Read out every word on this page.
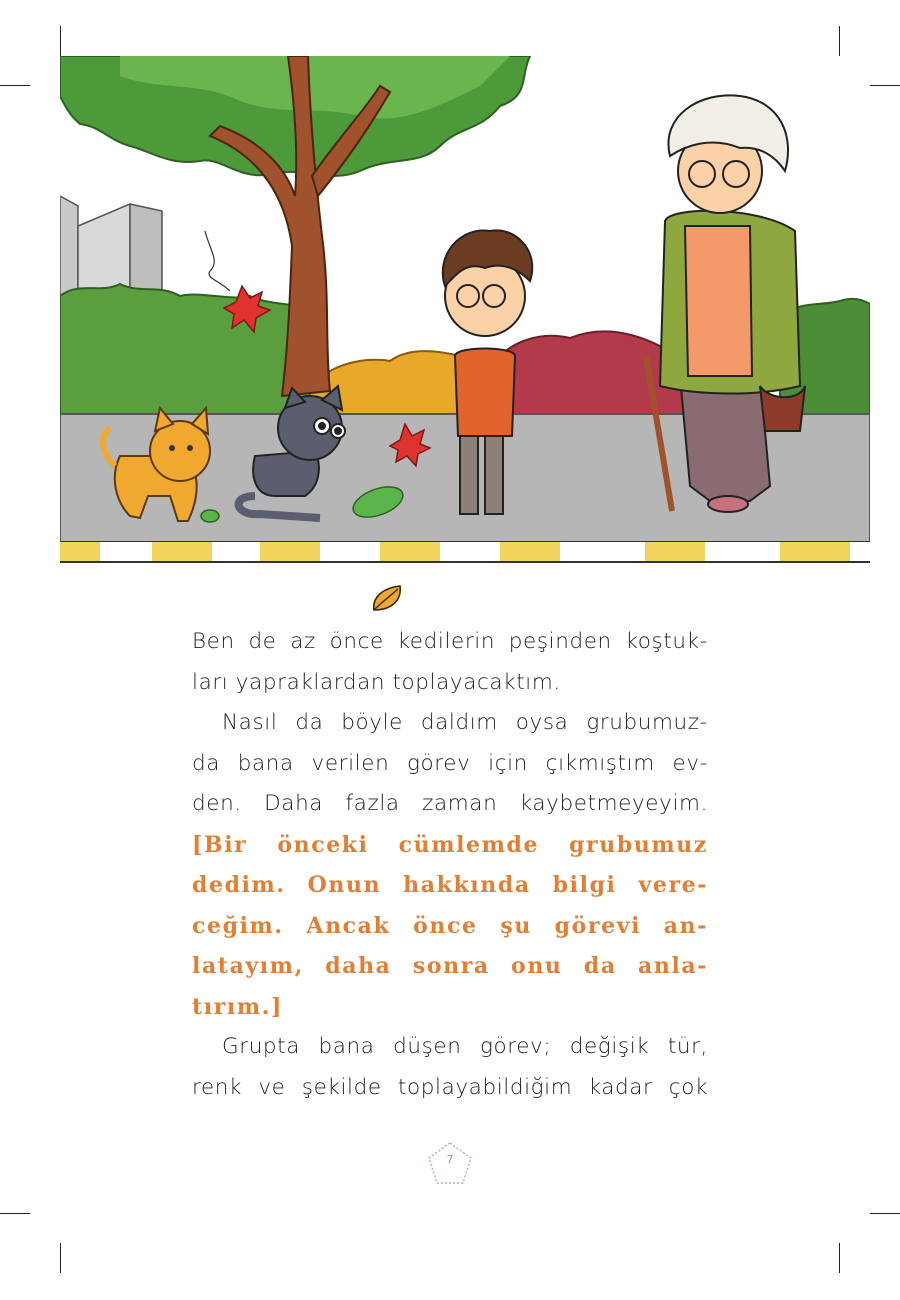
Ben de az önce kedilerin peşinden koştuk-
ları yapraklardan toplayacaktım.
Nasıl da böyle daldım oysa grubumuz-
da bana verilen görev için çıkmıştım ev-
den. Daha fazla zaman kaybetmeyeyim.
[Bir önceki cümlemde grubumuz
dedim. Onun hakkında bilgi vere-
ceğim. Ancak önce şu görevi an-
latayım, daha sonra onu da anla-
tırım.]
Grupta bana düşen görev; değişik tür,
renk ve şekilde toplayabildiğim kadar çok
7
